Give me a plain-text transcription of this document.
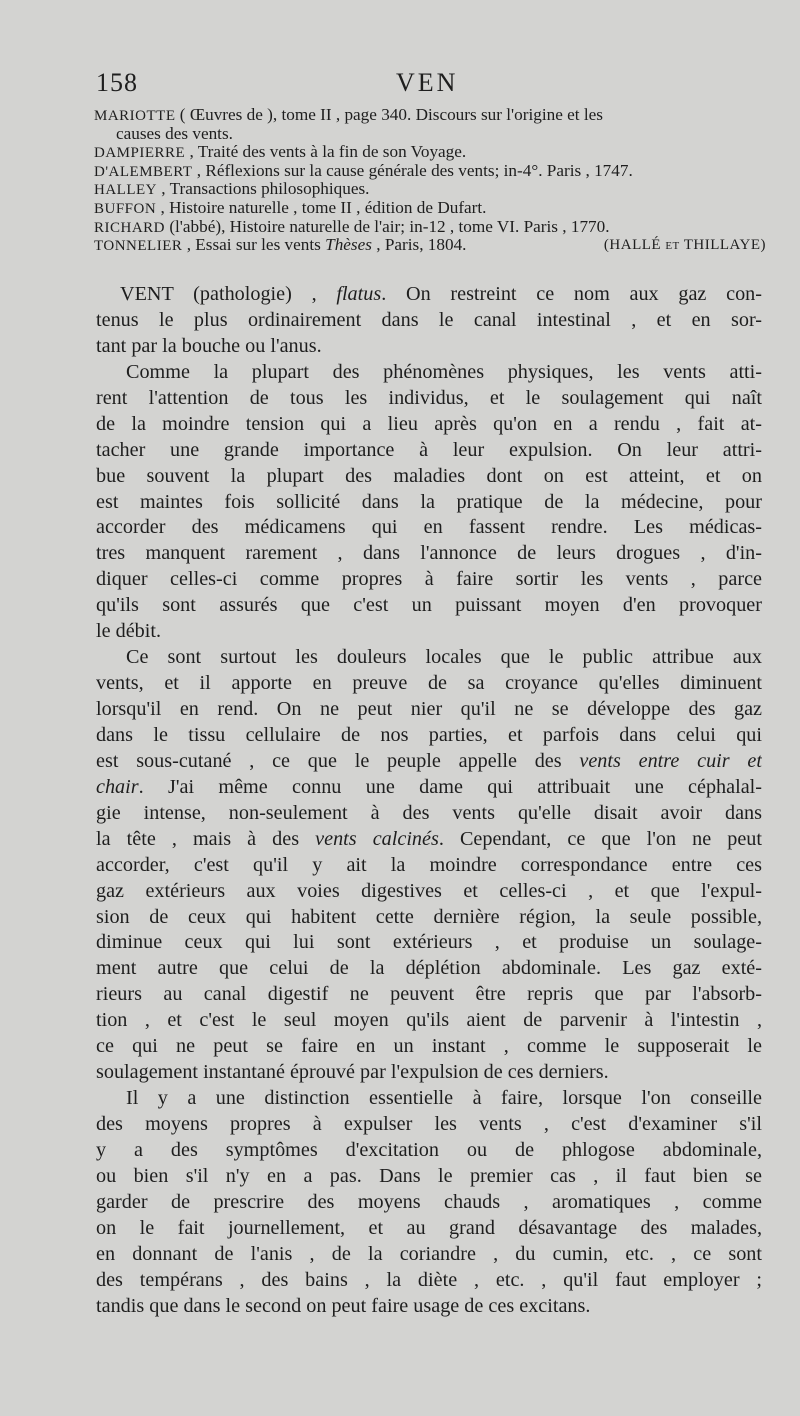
158	VEN
MARIOTTE ( Œuvres de ), tome II , page 340. Discours sur l'origine et les
causes des vents.
DAMPIERRE , Traité des vents à la fin de son Voyage.
D'ALEMBERT , Réflexions sur la cause générale des vents; in-4°. Paris , 1747.
HALLEY , Transactions philosophiques.
BUFFON , Histoire naturelle , tome II , édition de Dufart.
RICHARD (l'abbé), Histoire naturelle de l'air; in-12 , tome VI. Paris , 1770.
TONNELIER , Essai sur les vents Thèses , Paris, 1804.	(HALLÉ et THILLAYE)
VENT (pathologie) , flatus. On restreint ce nom aux gaz con-
tenus le plus ordinairement dans le canal intestinal , et en sor-
tant par la bouche ou l'anus.
Comme la plupart des phénomènes physiques, les vents atti-
rent l'attention de tous les individus, et le soulagement qui naît
de la moindre tension qui a lieu après qu'on en a rendu , fait at-
tacher une grande importance à leur expulsion. On leur attri-
bue souvent la plupart des maladies dont on est atteint, et on
est maintes fois sollicité dans la pratique de la médecine, pour
accorder des médicamens qui en fassent rendre. Les médicas-
tres manquent rarement , dans l'annonce de leurs drogues , d'in-
diquer celles-ci comme propres à faire sortir les vents , parce
qu'ils sont assurés que c'est un puissant moyen d'en provoquer
le débit.
Ce sont surtout les douleurs locales que le public attribue aux
vents, et il apporte en preuve de sa croyance qu'elles diminuent
lorsqu'il en rend. On ne peut nier qu'il ne se développe des gaz
dans le tissu cellulaire de nos parties, et parfois dans celui qui
est sous-cutané , ce que le peuple appelle des vents entre cuir et
chair. J'ai même connu une dame qui attribuait une céphalal-
gie intense, non-seulement à des vents qu'elle disait avoir dans
la tête , mais à des vents calcinés. Cependant, ce que l'on ne peut
accorder, c'est qu'il y ait la moindre correspondance entre ces
gaz extérieurs aux voies digestives et celles-ci , et que l'expul-
sion de ceux qui habitent cette dernière région, la seule possible,
diminue ceux qui lui sont extérieurs , et produise un soulage-
ment autre que celui de la déplétion abdominale. Les gaz exté-
rieurs au canal digestif ne peuvent être repris que par l'absorb-
tion , et c'est le seul moyen qu'ils aient de parvenir à l'intestin ,
ce qui ne peut se faire en un instant , comme le supposerait le
soulagement instantané éprouvé par l'expulsion de ces derniers.
Il y a une distinction essentielle à faire, lorsque l'on conseille
des moyens propres à expulser les vents , c'est d'examiner s'il
y a des symptômes d'excitation ou de phlogose abdominale,
ou bien s'il n'y en a pas. Dans le premier cas , il faut bien se
garder de prescrire des moyens chauds , aromatiques , comme
on le fait journellement, et au grand désavantage des malades,
en donnant de l'anis , de la coriandre , du cumin, etc. , ce sont
des tempérans , des bains , la diète , etc. , qu'il faut employer ;
tandis que dans le second on peut faire usage de ces excitans.
